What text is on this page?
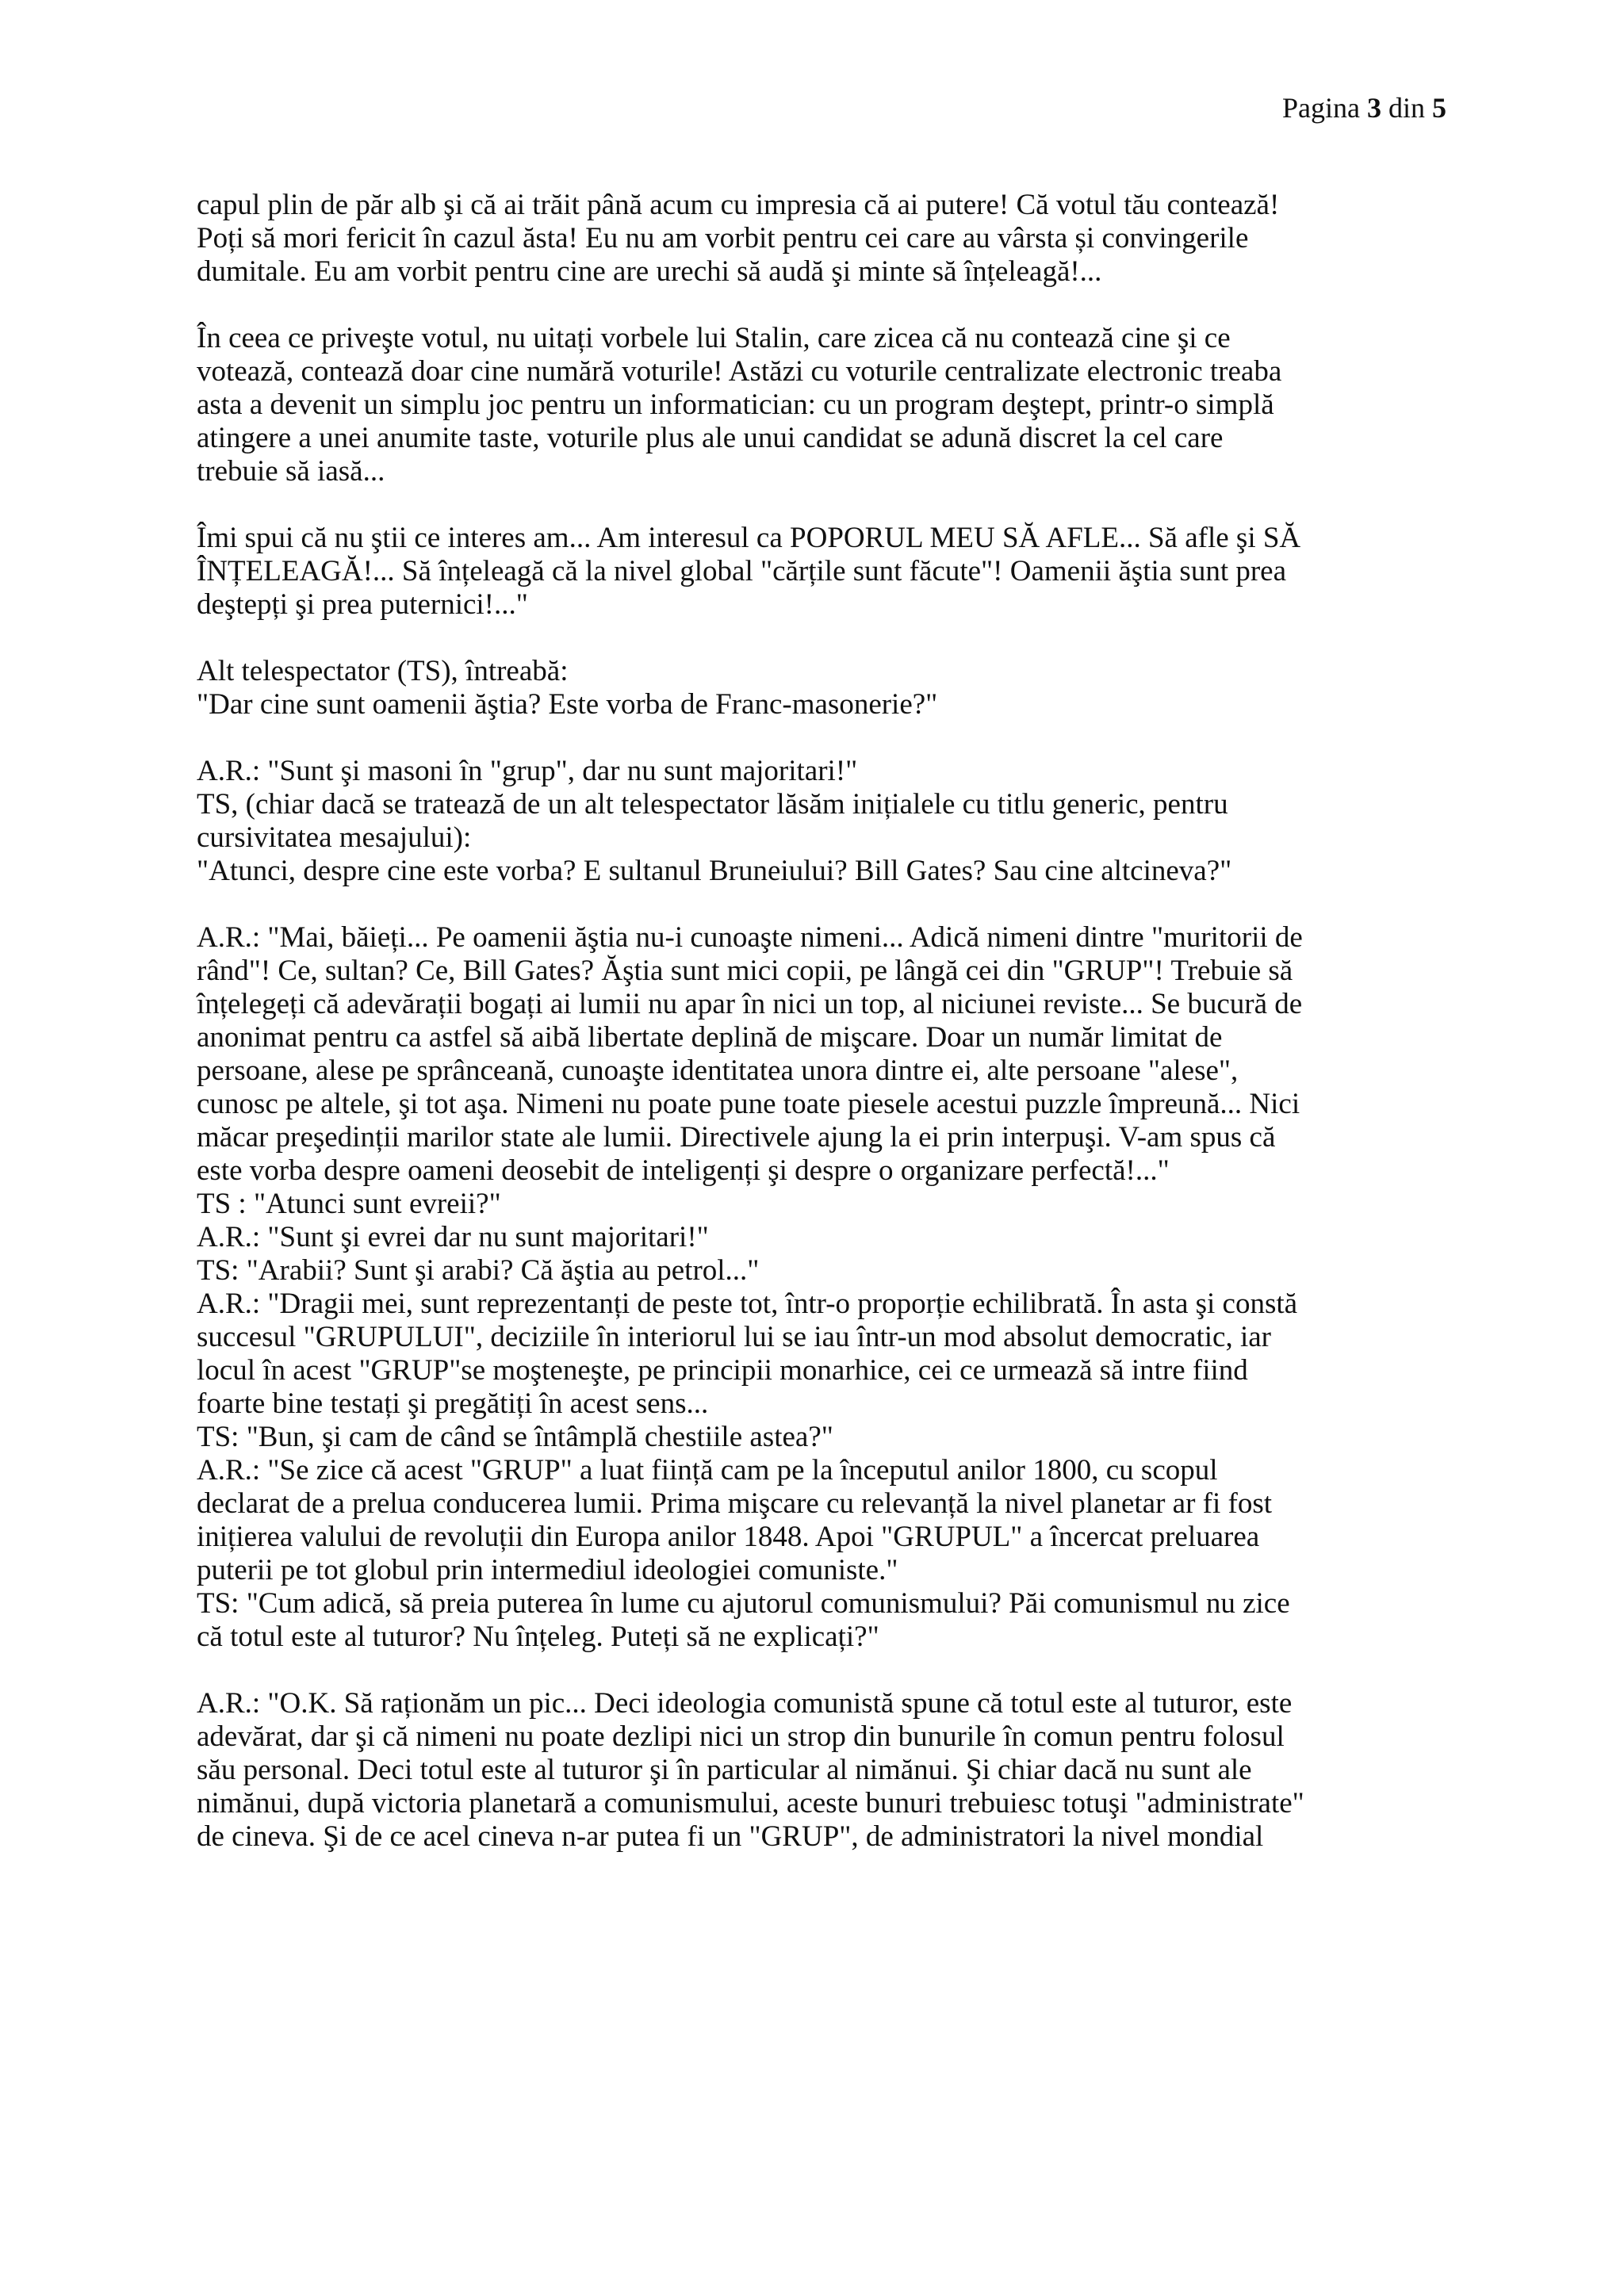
Pagina 3 din 5
capul plin de păr alb şi că ai trăit până acum cu impresia că ai putere! Că votul tău contează!
Poți să mori fericit în cazul ăsta! Eu nu am vorbit pentru cei care au vârsta și convingerile
dumitale. Eu am vorbit pentru cine are urechi să audă şi minte să înțeleagă!...
În ceea ce priveşte votul, nu uitați vorbele lui Stalin, care zicea că nu contează cine şi ce
votează, contează doar cine numără voturile! Astăzi cu voturile centralizate electronic treaba
asta a devenit un simplu joc pentru un informatician: cu un program deştept, printr-o simplă
atingere a unei anumite taste, voturile plus ale unui candidat se adună discret la cel care
trebuie să iasă...
Îmi spui că nu ştii ce interes am... Am interesul ca POPORUL MEU SĂ AFLE... Să afle şi SĂ
ÎNȚELEAGĂ!... Să înțeleagă că la nivel global "cărțile sunt făcute"! Oamenii ăştia sunt prea
deştepți şi prea puternici!..."
Alt telespectator (TS), întreabă:
"Dar cine sunt oamenii ăştia? Este vorba de Franc-masonerie?"
A.R.: "Sunt şi masoni în "grup", dar nu sunt majoritari!"
TS, (chiar dacă se tratează de un alt telespectator lăsăm inițialele cu titlu generic, pentru
cursivitatea mesajului):
"Atunci, despre cine este vorba? E sultanul Bruneiului? Bill Gates? Sau cine altcineva?"
A.R.: "Mai, băieți... Pe oamenii ăştia nu-i cunoaşte nimeni... Adică nimeni dintre "muritorii de
rând"! Ce, sultan? Ce, Bill Gates? Ăştia sunt mici copii, pe lângă cei din "GRUP"! Trebuie să
înțelegeți că adevărații bogați ai lumii nu apar în nici un top, al niciunei reviste... Se bucură de
anonimat pentru ca astfel să aibă libertate deplină de mişcare. Doar un număr limitat de
persoane, alese pe sprânceană, cunoaşte identitatea unora dintre ei, alte persoane "alese",
cunosc pe altele, şi tot aşa. Nimeni nu poate pune toate piesele acestui puzzle împreună... Nici
măcar preşedinții marilor state ale lumii. Directivele ajung la ei prin interpuşi. V-am spus că
este vorba despre oameni deosebit de inteligenți şi despre o organizare perfectă!..."
TS : "Atunci sunt evreii?"
A.R.: "Sunt şi evrei dar nu sunt majoritari!"
TS: "Arabii? Sunt şi arabi? Că ăştia au petrol..."
A.R.: "Dragii mei, sunt reprezentanți de peste tot, într-o proporție echilibrată. În asta şi constă
succesul "GRUPULUI", deciziile în interiorul lui se iau într-un mod absolut democratic, iar
locul în acest "GRUP"se moşteneşte, pe principii monarhice, cei ce urmează să intre fiind
foarte bine testați şi pregătiți în acest sens...
TS: "Bun, şi cam de când se întâmplă chestiile astea?"
A.R.: "Se zice că acest "GRUP" a luat ființă cam pe la începutul anilor 1800, cu scopul
declarat de a prelua conducerea lumii. Prima mişcare cu relevanță la nivel planetar ar fi fost
inițierea valului de revoluții din Europa anilor 1848. Apoi "GRUPUL" a încercat preluarea
puterii pe tot globul prin intermediul ideologiei comuniste."
TS: "Cum adică, să preia puterea în lume cu ajutorul comunismului? Păi comunismul nu zice
că totul este al tuturor? Nu înțeleg. Puteți să ne explicați?"
A.R.: "O.K. Să raționăm un pic... Deci ideologia comunistă spune că totul este al tuturor, este
adevărat, dar şi că nimeni nu poate dezlipi nici un strop din bunurile în comun pentru folosul
său personal. Deci totul este al tuturor şi în particular al nimănui. Şi chiar dacă nu sunt ale
nimănui, după victoria planetară a comunismului, aceste bunuri trebuiesc totuşi "administrate"
de cineva. Şi de ce acel cineva n-ar putea fi un "GRUP", de administratori la nivel mondial
